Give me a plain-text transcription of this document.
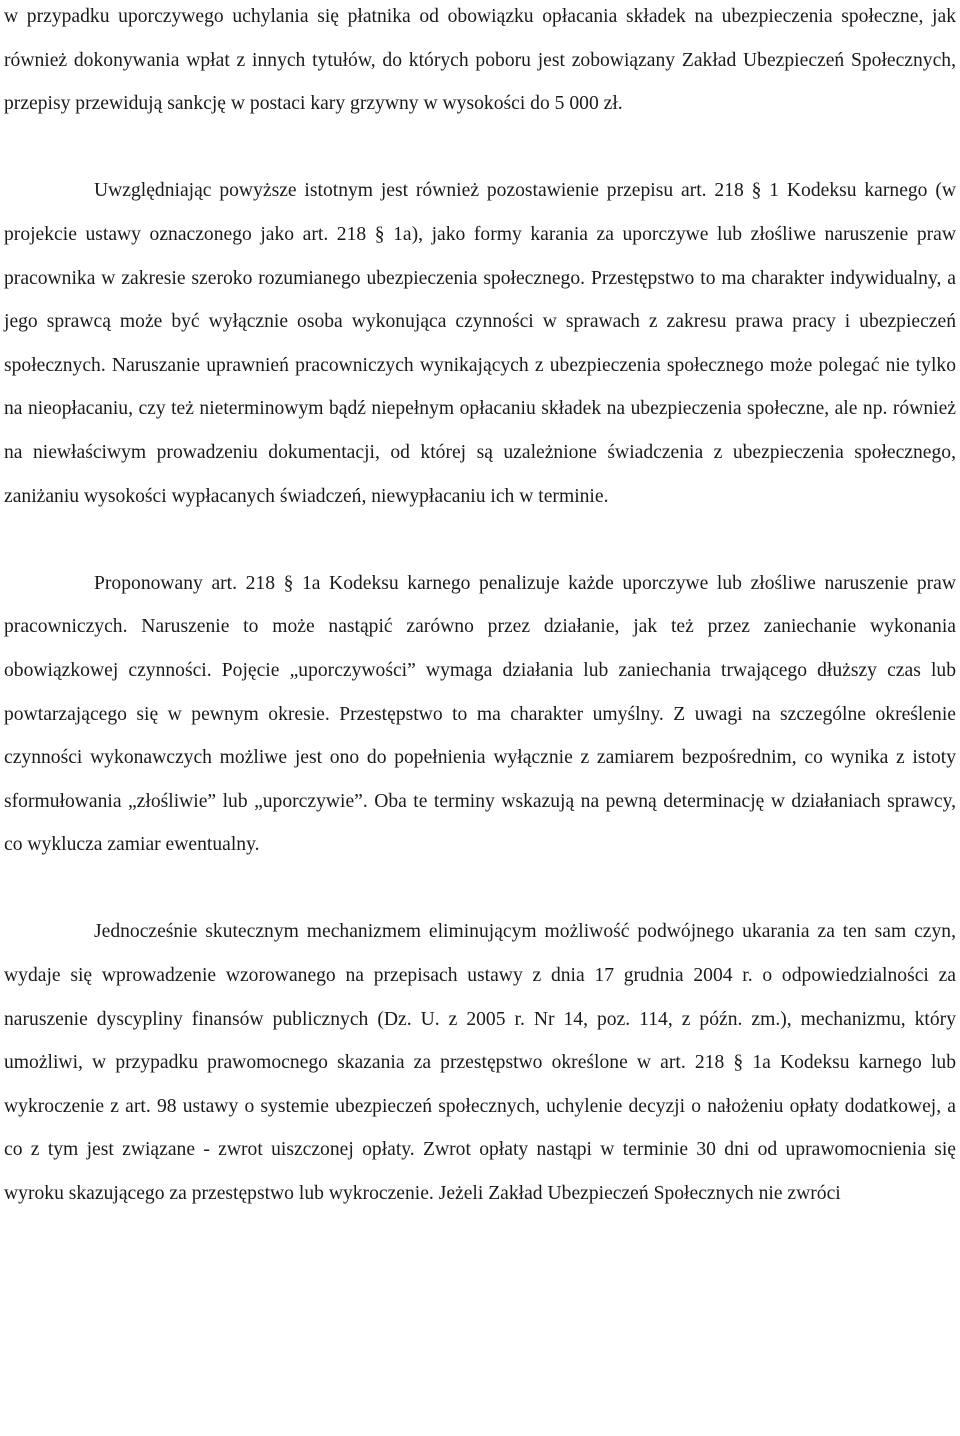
w przypadku uporczywego uchylania się płatnika od obowiązku opłacania składek na ubezpieczenia społeczne, jak również dokonywania wpłat z innych tytułów, do których poboru jest zobowiązany Zakład Ubezpieczeń Społecznych, przepisy przewidują sankcję w postaci kary grzywny w wysokości do 5 000 zł.

Uwzględniając powyższe istotnym jest również pozostawienie przepisu art. 218 § 1 Kodeksu karnego (w projekcie ustawy oznaczonego jako art. 218 § 1a), jako formy karania za uporczywe lub złośliwe naruszenie praw pracownika w zakresie szeroko rozumianego ubezpieczenia społecznego. Przestępstwo to ma charakter indywidualny, a jego sprawcą może być wyłącznie osoba wykonująca czynności w sprawach z zakresu prawa pracy i ubezpieczeń społecznych. Naruszanie uprawnień pracowniczych wynikających z ubezpieczenia społecznego może polegać nie tylko na nieopłacaniu, czy też nieterminowym bądź niepełnym opłacaniu składek na ubezpieczenia społeczne, ale np. również na niewłaściwym prowadzeniu dokumentacji, od której są uzależnione świadczenia z ubezpieczenia społecznego, zaniżaniu wysokości wypłacanych świadczeń, niewypłacaniu ich w terminie.

Proponowany art. 218 § 1a Kodeksu karnego penalizuje każde uporczywe lub złośliwe naruszenie praw pracowniczych. Naruszenie to może nastąpić zarówno przez działanie, jak też przez zaniechanie wykonania obowiązkowej czynności. Pojęcie „uporczywości” wymaga działania lub zaniechania trwającego dłuższy czas lub powtarzającego się w pewnym okresie. Przestępstwo to ma charakter umyślny. Z uwagi na szczególne określenie czynności wykonawczych możliwe jest ono do popełnienia wyłącznie z zamiarem bezpośrednim, co wynika z istoty sformułowania „złośliwie” lub „uporczywie”. Oba te terminy wskazują na pewną determinację w działaniach sprawcy, co wyklucza zamiar ewentualny.

Jednocześnie skutecznym mechanizmem eliminującym możliwość podwójnego ukarania za ten sam czyn, wydaje się wprowadzenie wzorowanego na przepisach ustawy z dnia 17 grudnia 2004 r. o odpowiedzialności za naruszenie dyscypliny finansów publicznych (Dz. U. z 2005 r. Nr 14, poz. 114, z późn. zm.), mechanizmu, który umożliwi, w przypadku prawomocnego skazania za przestępstwo określone w art. 218 § 1a Kodeksu karnego lub wykroczenie z art. 98 ustawy o systemie ubezpieczeń społecznych, uchylenie decyzji o nałożeniu opłaty dodatkowej, a co z tym jest związane - zwrot uiszczonej opłaty. Zwrot opłaty nastąpi w terminie 30 dni od uprawomocnienia się wyroku skazującego za przestępstwo lub wykroczenie. Jeżeli Zakład Ubezpieczeń Społecznych nie zwróci
